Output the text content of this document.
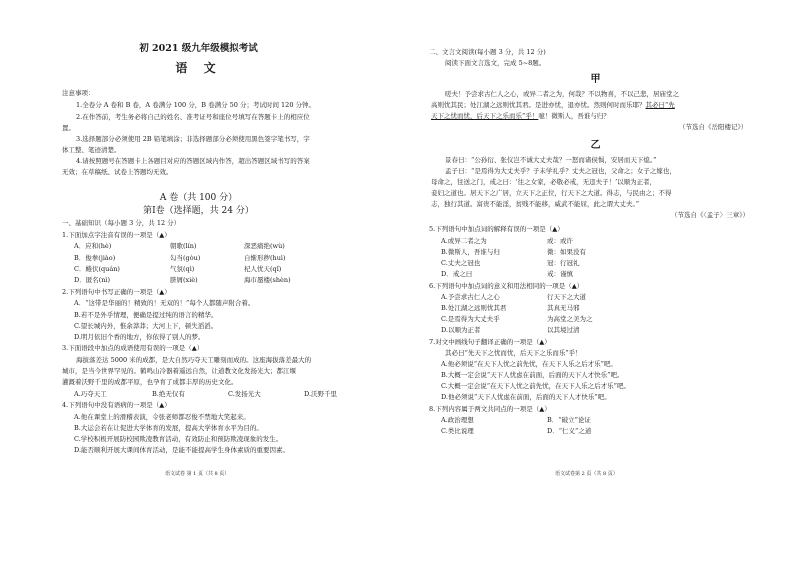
初 2021 级九年级模拟考试
语 文
注意事项：
1.全卷分 A 卷和 B 卷，A 卷满分 100 分，B 卷满分 50 分；考试时间 120 分钟。
2.在作答前，考生务必将自己的姓名、准考证号和座位号填写在答题卡上的相应位
置。
3.选择题部分必须使用 2B 铅笔填涂；非选择题部分必须使用黑色签字笔书写，字
体工整、笔迹清楚。
4.请按照题号在答题卡上各题目对应的答题区域内作答，超出答题区域书写的答案
无效；在草稿纸、试卷上答题均无效。
A 卷（共 100 分）
第Ⅰ卷（选择题，共 24 分）
一、基础知识（每小题 3 分，共 12 分）
1.下面加点字注音有误的一项是（▲）
A．应和(hè)	朝歌(lín)	深恶痛绝(wù)
B．俊拳(jiào)	勾当(gòu)	自惭形秽(huì)
C．蜷伏(quán)	气氛(qì)	杞人忧天(qǐ)
D．匿名(nì)	脐屑(xiè)	海市蜃楼(shèn)
2.下列语句中书写正确的一项是（▲）
A．“这带是华丽的！精致的！无双的！”每个人都随声附合着。
B.若不是外乎情理，便确是提过纯的语言的精华。
C.望长城内外，惟余莽莽；大河上下，顿失滔滔。
D.明月依旧个香的地方，你依得了别人的梦。
3.下面语段中加点的成语使用有误的一项是（▲）
海拔落差达 5000 米的成都，是大自然巧夺天工雕刻而成的。这座海拔落差最大的
城市，是当今世界罕见的。鹤鸣山冷器着遥远自然，让道教文化发扬光大；都江堰
灌溉着沃野千里的成都平原，也孕育了成都丰厚的历史文化。
A.巧夺天工	B.绝无仅有	C.发扬光大	D.沃野千里
4.下列语句中没有语病的一项是（▲）
A.他在课堂上的滑稽表演，令张老师都忍俊不禁地大笑起来。
B.大运会若在让促进大学体育的发展，提高大学体育水平为目的。
C.学校积极开展防校园欺凌教育活动，有效防止和预防欺凌现象的发生。
D.能否顺利开展大课间体育活动，是能不能提高学生身体素质的重要因素。
语文试卷 第 1 页（共 8 页）
二、文言文阅读(每小题 3 分，共 12 分)
阅读下面文言选文，完成 5~8题。
甲
嗟夫！予尝求古仁人之心，或异二者之为，何哉？不以物喜，不以己悲，居庙堂之
高则忧其民；处江湖之远则忧其君。是进亦忧，退亦忧。然则何时而乐耶？其必曰“先
天下之忧而忧，后天下之乐而乐”乎！噫！微斯人，吾谁与归？
（节选自《岳阳楼记》）
乙
景春曰：“公孙衍、张仪岂不诚大丈夫哉？一怒而诸侯惧，安居而天下熄。”
孟子曰：“是焉得为大丈夫乎？子未学礼乎？丈夫之冠也，父命之；女子之嫁也，
母命之，往送之门，戒之曰：‘往之女家，必敬必戒，无违夫子！’以顺为正者，
妾妇之道也。居天下之广居，立天下之正位，行天下之大道。得志，与民由之；不得
志，独行其道。富贵不能淫，贫贱不能移，威武不能屈，此之谓大丈夫。”
（节选自《〈孟子〉三章》）
5.下列语句中加点词的解释有误的一项是（▲）
A.或异二者之为	或：或许
B.微斯人，吾谁与归	微：如果没有
C.丈夫之冠也	冠：行冠礼
D．戒之曰	戒：谨慎
6.下列语句中加点词的意义和用法相同的一项是（▲）
A.予尝求古仁人之心	行天下之大道
B.处江湖之远则忧其君	其真无马邪
C.是焉得为大丈夫乎	为高堂之美为之
D.以顺为正者	以其境过清
7.对文中画线句子翻译正确的一项是（▲）
其必曰“先天下之忧而忧，后天下之乐而乐”乎！
A.他必须说“在天下人忧之前先忧，在天下人乐之后才乐”吧。
B.大概一定会说“天下人忧虑在前面，后面的天下人才快乐”吧。
C.大概一定会说“在天下人忧之前先忧，在天下人乐之后才乐”吧。
D.他必须说“天下人忧虑在前面，后面的天下人才快乐”吧。
8.下列内容属于两文共同点的一项是（▲）
A.政治理想	B．“破立”论证
C.类比说理	D．“仁义”之道
语文试卷第 2 页（共 8 页）
